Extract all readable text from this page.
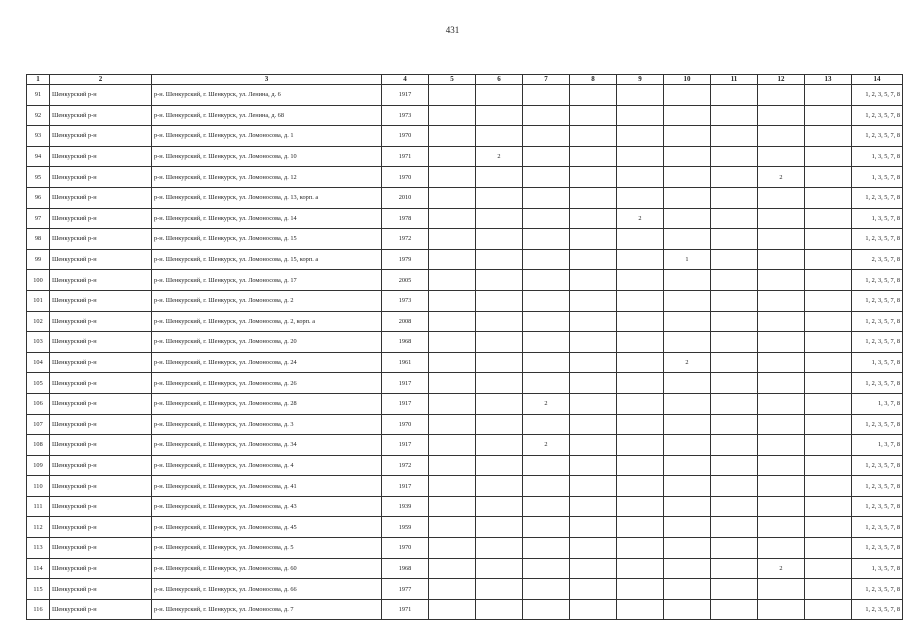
431
1	2	3	4	5	6	7	8	9	10	11	12	13	14
91	Шенкурский р-н	р-н. Шенкурский, г. Шенкурск, ул. Ленина, д. 6	1917										1, 2, 3, 5, 7, 8
92	Шенкурский р-н	р-н. Шенкурский, г. Шенкурск, ул. Ленина, д. 68	1973										1, 2, 3, 5, 7, 8
93	Шенкурский р-н	р-н. Шенкурский, г. Шенкурск, ул. Ломоносова, д. 1	1970										1, 2, 3, 5, 7, 8
94	Шенкурский р-н	р-н. Шенкурский, г. Шенкурск, ул. Ломоносова, д. 10	1971		2								1, 3, 5, 7, 8
95	Шенкурский р-н	р-н. Шенкурский, г. Шенкурск, ул. Ломоносова, д. 12	1970								2		1, 3, 5, 7, 8
96	Шенкурский р-н	р-н. Шенкурский, г. Шенкурск, ул. Ломоносова, д. 13, корп. а	2010										1, 2, 3, 5, 7, 8
97	Шенкурский р-н	р-н. Шенкурский, г. Шенкурск, ул. Ломоносова, д. 14	1978					2					1, 3, 5, 7, 8
98	Шенкурский р-н	р-н. Шенкурский, г. Шенкурск, ул. Ломоносова, д. 15	1972										1, 2, 3, 5, 7, 8
99	Шенкурский р-н	р-н. Шенкурский, г. Шенкурск, ул. Ломоносова, д. 15, корп. а	1979						1				2, 3, 5, 7, 8
100	Шенкурский р-н	р-н. Шенкурский, г. Шенкурск, ул. Ломоносова, д. 17	2005										1, 2, 3, 5, 7, 8
101	Шенкурский р-н	р-н. Шенкурский, г. Шенкурск, ул. Ломоносова, д. 2	1973										1, 2, 3, 5, 7, 8
102	Шенкурский р-н	р-н. Шенкурский, г. Шенкурск, ул. Ломоносова, д. 2, корп. а	2008										1, 2, 3, 5, 7, 8
103	Шенкурский р-н	р-н. Шенкурский, г. Шенкурск, ул. Ломоносова, д. 20	1968										1, 2, 3, 5, 7, 8
104	Шенкурский р-н	р-н. Шенкурский, г. Шенкурск, ул. Ломоносова, д. 24	1961						2				1, 3, 5, 7, 8
105	Шенкурский р-н	р-н. Шенкурский, г. Шенкурск, ул. Ломоносова, д. 26	1917										1, 2, 3, 5, 7, 8
106	Шенкурский р-н	р-н. Шенкурский, г. Шенкурск, ул. Ломоносова, д. 28	1917			2							1, 3, 7, 8
107	Шенкурский р-н	р-н. Шенкурский, г. Шенкурск, ул. Ломоносова, д. 3	1970										1, 2, 3, 5, 7, 8
108	Шенкурский р-н	р-н. Шенкурский, г. Шенкурск, ул. Ломоносова, д. 34	1917			2							1, 3, 7, 8
109	Шенкурский р-н	р-н. Шенкурский, г. Шенкурск, ул. Ломоносова, д. 4	1972										1, 2, 3, 5, 7, 8
110	Шенкурский р-н	р-н. Шенкурский, г. Шенкурск, ул. Ломоносова, д. 41	1917										1, 2, 3, 5, 7, 8
111	Шенкурский р-н	р-н. Шенкурский, г. Шенкурск, ул. Ломоносова, д. 43	1939										1, 2, 3, 5, 7, 8
112	Шенкурский р-н	р-н. Шенкурский, г. Шенкурск, ул. Ломоносова, д. 45	1959										1, 2, 3, 5, 7, 8
113	Шенкурский р-н	р-н. Шенкурский, г. Шенкурск, ул. Ломоносова, д. 5	1970										1, 2, 3, 5, 7, 8
114	Шенкурский р-н	р-н. Шенкурский, г. Шенкурск, ул. Ломоносова, д. 60	1968								2		1, 3, 5, 7, 8
115	Шенкурский р-н	р-н. Шенкурский, г. Шенкурск, ул. Ломоносова, д. 66	1977										1, 2, 3, 5, 7, 8
116	Шенкурский р-н	р-н. Шенкурский, г. Шенкурск, ул. Ломоносова, д. 7	1971										1, 2, 3, 5, 7, 8
